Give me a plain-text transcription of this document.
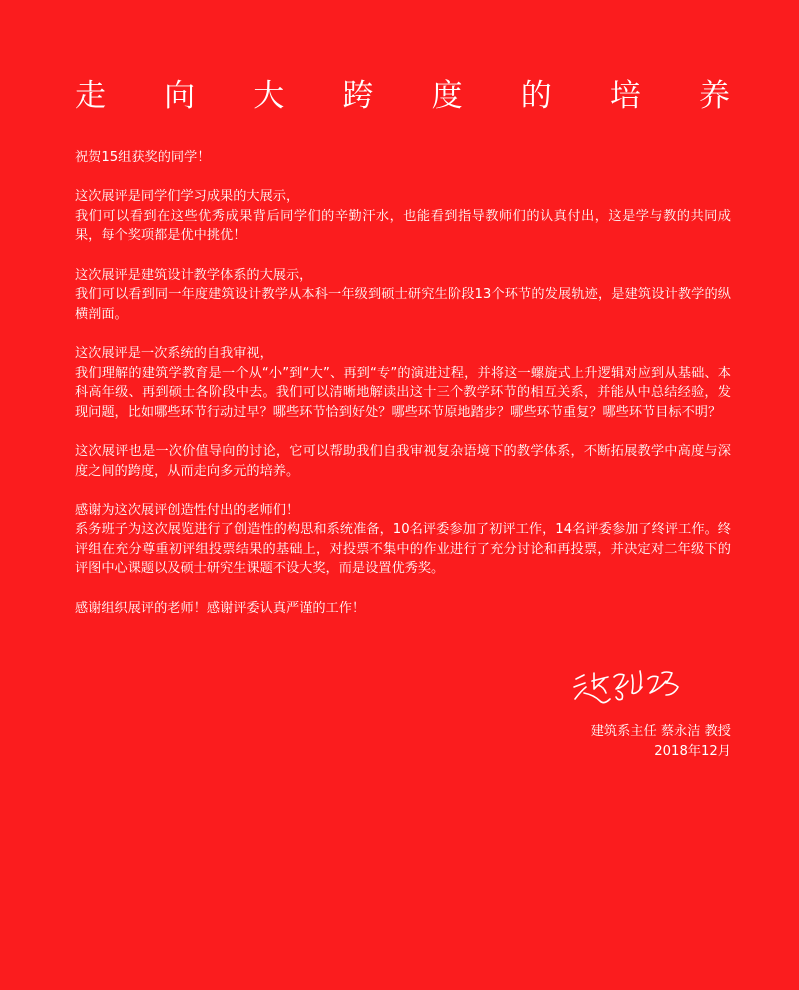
走 向 大 跨 度 的 培 养

祝贺15组获奖的同学！

这次展评是同学们学习成果的大展示，
我们可以看到在这些优秀成果背后同学们的辛勤汗水，也能看到指导教师们的认真付出，这是学与教的共同成果，每个奖项都是优中挑优！

这次展评是建筑设计教学体系的大展示，
我们可以看到同一年度建筑设计教学从本科一年级到硕士研究生阶段13个环节的发展轨迹，是建筑设计教学的纵横剖面。

这次展评是一次系统的自我审视，
我们理解的建筑学教育是一个从“小”到“大”、再到“专”的演进过程，并将这一螺旋式上升逻辑对应到从基础、本科高年级、再到硕士各阶段中去。我们可以清晰地解读出这十三个教学环节的相互关系，并能从中总结经验，发现问题，比如哪些环节行动过早？哪些环节恰到好处？哪些环节原地踏步？哪些环节重复？哪些环节目标不明？

这次展评也是一次价值导向的讨论，它可以帮助我们自我审视复杂语境下的教学体系，不断拓展教学中高度与深度之间的跨度，从而走向多元的培养。

感谢为这次展评创造性付出的老师们！
系务班子为这次展览进行了创造性的构思和系统准备，10名评委参加了初评工作，14名评委参加了终评工作。终评组在充分尊重初评组投票结果的基础上，对投票不集中的作业进行了充分讨论和再投票，并决定对二年级下的评图中心课题以及硕士研究生课题不设大奖，而是设置优秀奖。

感谢组织展评的老师！感谢评委认真严谨的工作！

建筑系主任 蔡永洁 教授
2018年12月
